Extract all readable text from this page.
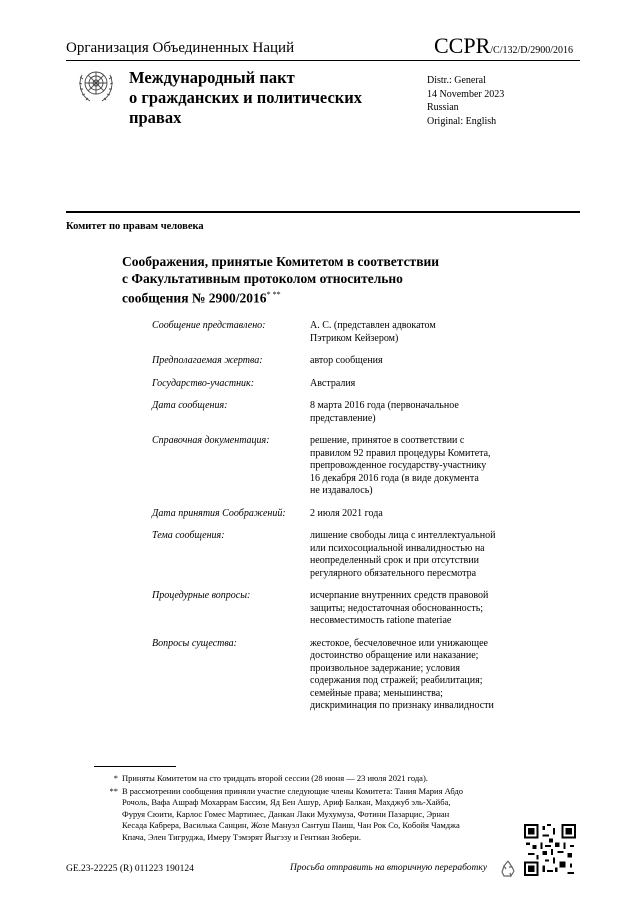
Организация Объединенных Наций	CCPR/C/132/D/2900/2016
Международный пакт
о гражданских и политических
правах
Distr.: General
14 November 2023
Russian
Original: English
Комитет по правам человека
Соображения, принятые Комитетом в соответствии
с Факультативным протоколом относительно
сообщения № 2900/2016* **
Сообщение представлено:	А. С. (представлен адвокатом
Пэтриком Кейзером)
Предполагаемая жертва:	автор сообщения
Государство-участник:	Австралия
Дата сообщения:	8 марта 2016 года (первоначальное
представление)
Справочная документация:	решение, принятое в соответствии с
правилом 92 правил процедуры Комитета,
препровожденное государству-участнику
16 декабря 2016 года (в виде документа
не издавалось)
Дата принятия Соображений:	2 июля 2021 года
Тема сообщения:	лишение свободы лица с интеллектуальной
или психосоциальной инвалидностью на
неопределенный срок и при отсутствии
регулярного обязательного пересмотра
Процедурные вопросы:	исчерпание внутренних средств правовой
защиты; недостаточная обоснованность;
несовместимость ratione materiae
Вопросы существа:	жестокое, бесчеловечное или унижающее
достоинство обращение или наказание;
произвольное задержание; условия
содержания под стражей; реабилитация;
семейные права; меньшинства;
дискриминация по признаку инвалидности
* Приняты Комитетом на сто тридцать второй сессии (28 июня — 23 июля 2021 года).
** В рассмотрении сообщения приняли участие следующие члены Комитета: Тания Мария Абдо
Рочоль, Вафа Ашраф Мохаррам Бассим, Яд Бен Ашур, Ариф Балкан, Махджуб эль-Хайба,
Фуруя Сюити, Карлос Гомес Мартинес, Данкан Лаки Мухумуза, Фотини Пазарцис, Эрнан
Кесада Кабрера, Василька Санцин, Жозе Мануэл Сантуш Паиш, Чан Рок Со, Кобойя Чамджа
Кпача, Элен Тигруджа, Имеру Тэмэрят Йыгэзу и Гентиан Зюбери.
GE.23-22225 (R) 011223 190124	Просьба отправить на вторичную переработку
